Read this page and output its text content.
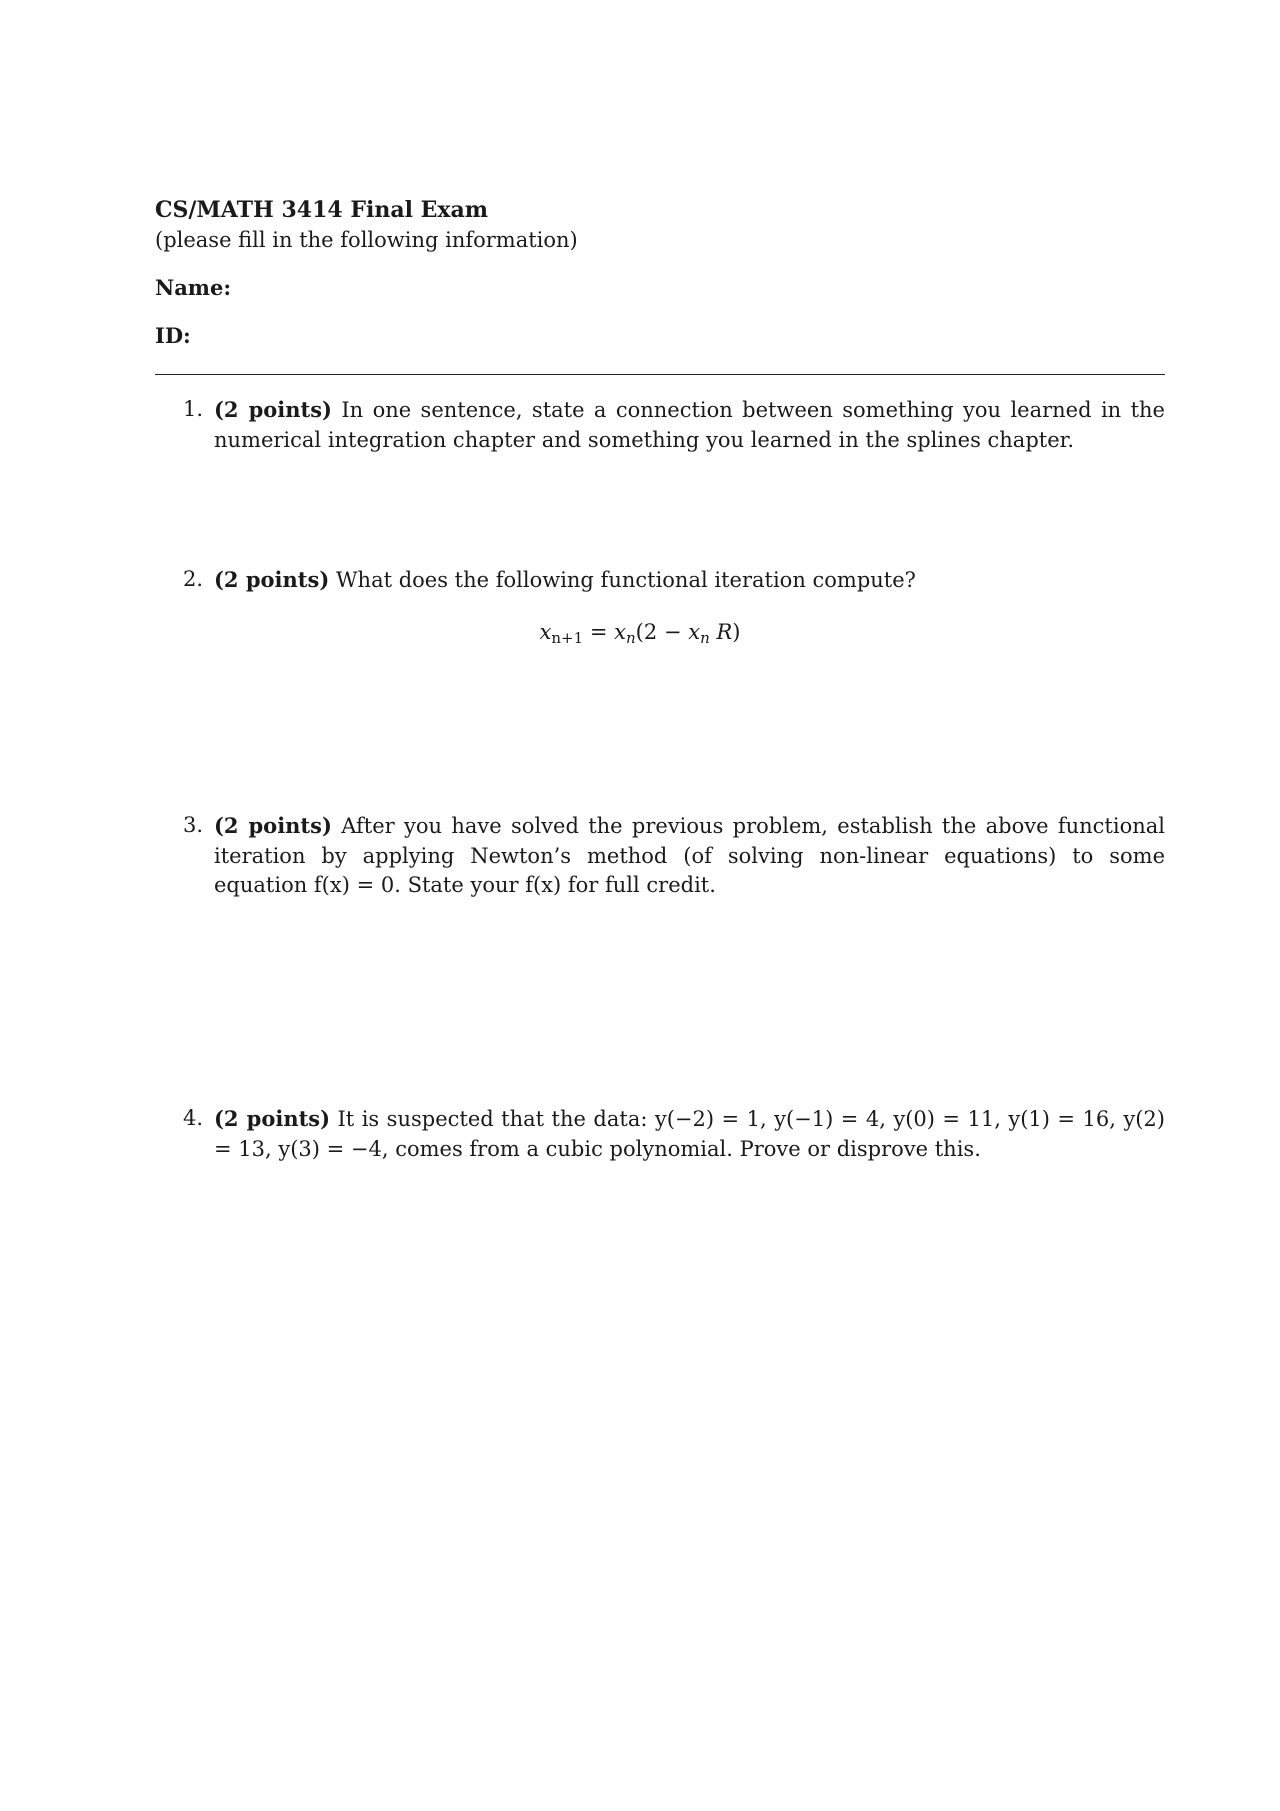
CS/MATH 3414 Final Exam

(please fill in the following information)

Name:
ID:
1. (2 points) In one sentence, state a connection between something you learned in the numerical integration chapter and something you learned in the splines chapter.
2. (2 points) What does the following functional iteration compute?
$x_{n+1} = x_n(2 - x_n$ R)
3. (2 points) After you have solved the previous problem, establish the above functional iteration by applying Newton’s method (of solving non-linear equations) to some equation f(x) = 0. State your f(x) for full credit.
4. (2 points) It is suspected that the data: y(−2) = 1, y(−1) = 4, y(0) = 11, y(1) = 16, y(2) = 13, y(3) = −4, comes from a cubic polynomial. Prove or disprove this.
